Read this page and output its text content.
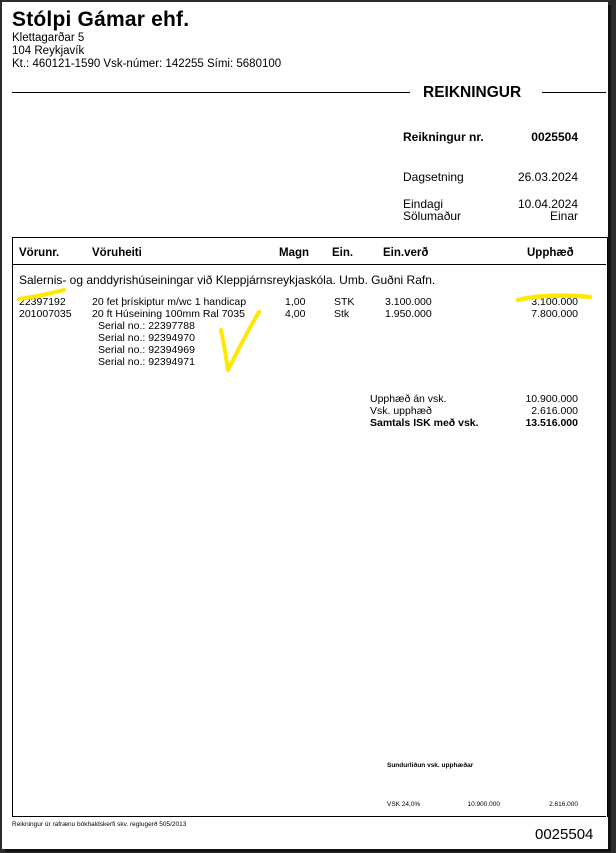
Stólpi Gámar ehf.
Klettagarðar 5
104 Reykjavík
Kt.: 460121-1590 Vsk-númer: 142255 Sími: 5680100
REIKNINGUR
Reikningur nr.	0025504
Dagsetning	26.03.2024
Eindagi	10.04.2024
Sölumaður	Einar
Vörunr.	Vöruheiti	Magn Ein.	Ein.verð	Upphæð
Salernis- og anddyrishúseiningar við Kleppjárnsreykjaskóla. Umb. Guðni Rafn.
22397192	20 fet þrískiptur m/wc 1 handicap	1,00	STK	3.100.000	3.100.000
201007035 20 ft Húseining 100mm Ral 7035	4,00	Stk	1.950.000	7.800.000
Serial no.: 22397788
Serial no.: 92394970
Serial no.: 92394969
Serial no.: 92394971
Upphæð án vsk.	10.900.000
Vsk. upphæð	2.616.000
Samtals ISK með vsk.	13.516.000
Sundurliðun vsk. upphæðar
VSK 24,0%	10.900.000	2.616.000
Reikningur úr rafrænu bókhaldskerfi skv. reglugerð 505/2013
0025504
